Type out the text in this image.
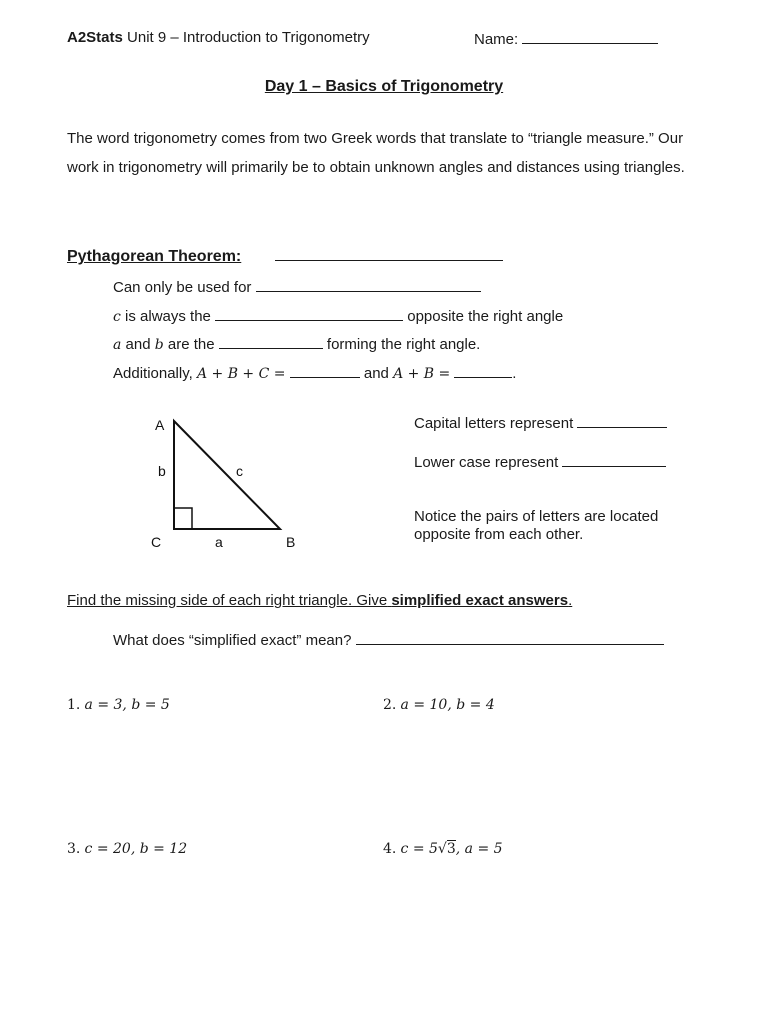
A2Stats Unit 9 – Introduction to Trigonometry	Name:
Day 1 – Basics of Trigonometry
The word trigonometry comes from two Greek words that translate to “triangle measure.” Our work in trigonometry will primarily be to obtain unknown angles and distances using triangles.
Pythagorean Theorem:
Can only be used for
c is always the	opposite the right angle
a and b are the	forming the right angle.
Additionally, A + B + C =	and A + B =	.
A
B
C	a
b	c
Capital letters represent
Lower case represent
Notice the pairs of letters are located
opposite from each other.
Find the missing side of each right triangle. Give simplified exact answers.
What does “simplified exact” mean?
1. a = 3, b = 5	2. a = 10, b = 4
3. c = 20, b = 12	4. c = 5√3, a = 5
